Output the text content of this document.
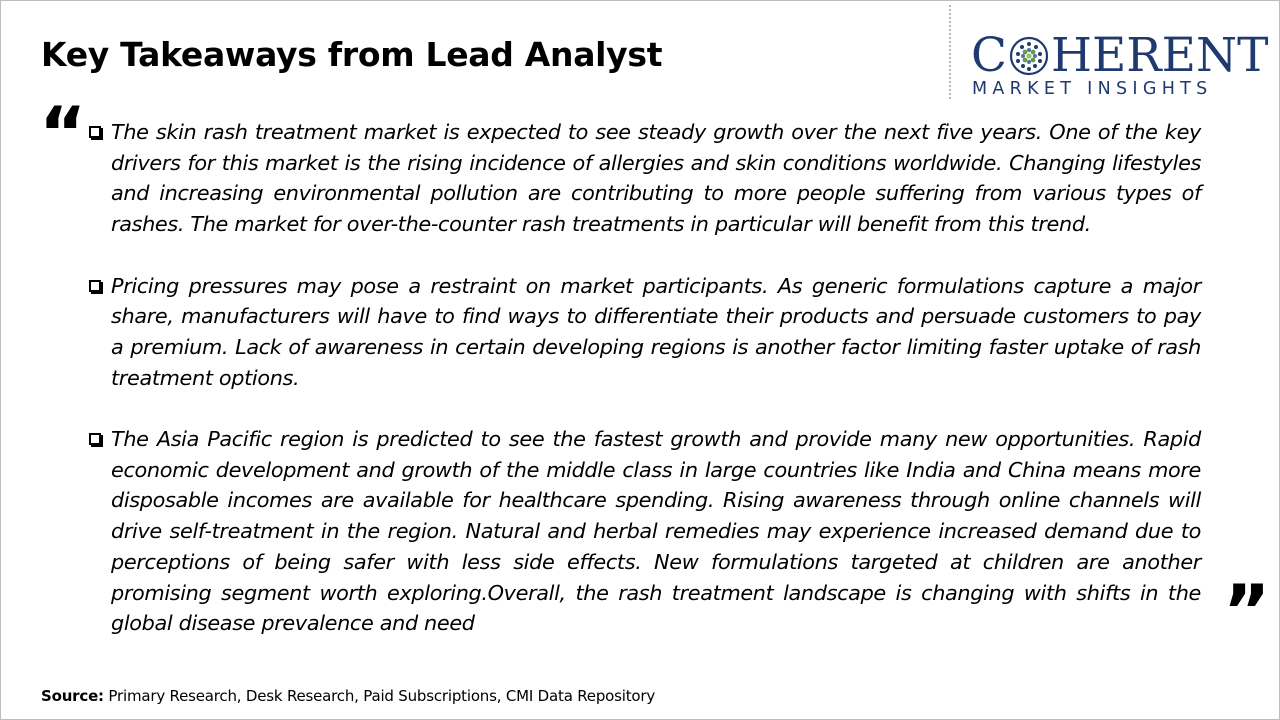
Key Takeaways from Lead Analyst	C HERENT
MARKET INSIGHTS
“	The skin rash treatment market is expected to see steady growth over the next five years. One of the key drivers for this market is the rising incidence of allergies and skin conditions worldwide. Changing lifestyles and increasing environmental pollution are contributing to more people suffering from various types of rashes. The market for over-the-counter rash treatments in particular will benefit from this trend.

Pricing pressures may pose a restraint on market participants. As generic formulations capture a major share, manufacturers will have to find ways to differentiate their products and persuade customers to pay a premium. Lack of awareness in certain developing regions is another factor limiting faster uptake of rash treatment options.

The Asia Pacific region is predicted to see the fastest growth and provide many new opportunities. Rapid economic development and growth of the middle class in large countries like India and China means more disposable incomes are available for healthcare spending. Rising awareness through online channels will drive self-treatment in the region. Natural and herbal remedies may experience increased demand due to perceptions of being safer with less side effects. New formulations targeted at children are another promising segment worth exploring.Overall, the rash treatment landscape is changing with shifts in the global disease prevalence and need	”
Source: Primary Research, Desk Research, Paid Subscriptions, CMI Data Repository
